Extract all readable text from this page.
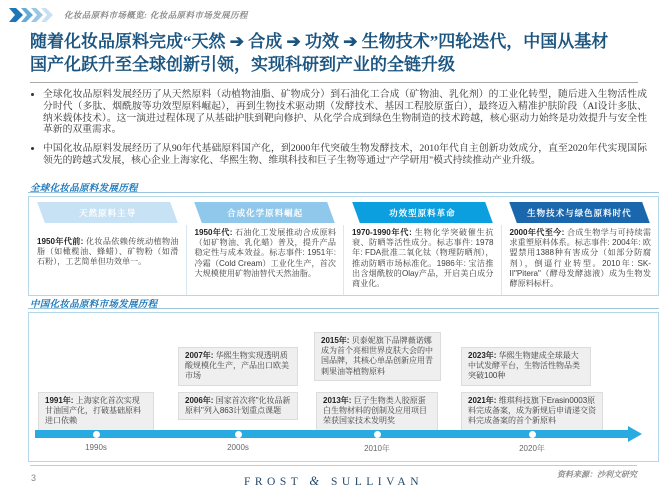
化妆品原料市场概览: 化妆品原料市场发展历程
随着化妆品原料完成“天然 ➔ 合成 ➔ 功效 ➔ 生物技术”四轮迭代，中国从基材
国产化跃升至全球创新引领，实现科研到产业的全链升级
• 全球化妆品原料发展经历了从天然原料（动植物油脂、矿物成分）到石油化工合成（矿物油、乳化剂）的工业化转型，随后进入生物活性成分时代（多肽、烟酰胺等功效型原料崛起），再到生物技术驱动期（发酵技术、基因工程胶原蛋白），最终迈入精准护肤阶段（AI设计多肽、纳米载体技术）。这一演进过程体现了从基础护肤到靶向修护、从化学合成到绿色生物制造的技术跨越，核心驱动力始终是功效提升与安全性革新的双重需求。
• 中国化妆品原料发展经历了从90年代基础原料国产化，到2000年代突破生物发酵技术，2010年代自主创新功效成分，直至2020年代实现国际领先的跨越式发展，核心企业上海家化、华熙生物、维琪科技和巨子生物等通过"产学研用"模式持续推动产业升级。
全球化妆品原料发展历程
天然原料主导	合成化学原料崛起	功效型原料革命	生物技术与绿色原料时代
1950年代前: 化妆品依赖传统动植物油脂（如橄榄油、蜂蜡）、矿物粉（如滑石粉），工艺简单但功效单一。
1950年代: 石油化工发展推动合成原料（如矿物油、乳化蜡）普及，提升产品稳定性与成本效益。标志事件: 1951年: 冷霜（Cold Cream）工业化生产，首次大规模使用矿物油替代天然油脂。
1970-1990年代: 生物化学突破催生抗衰、防晒等活性成分。标志事件: 1978年: FDA批准二氧化钛（物理防晒剂），推动防晒市场标准化。1986年: 宝洁推出含烟酰胺的Olay产品，开启美白成分商业化。
2000年代至今: 合成生物学与可持续需求重塑原料体系。标志事件: 2004年: 欧盟禁用1388种有害成分（如部分防腐剂），倒逼行业转型。2010年: SK-II"Pitera"（酵母发酵滤液）成为生物发酵原料标杆。
中国化妆品原料市场发展历程
2007年: 华熙生物实现透明质酸规模化生产，产品出口欧美市场
2015年: 贝泰妮旗下品牌薇诺娜成为首个亮相世界皮肤大会的中国品牌，其核心单品创新应用青刺果油等植物原料
2023年: 华熙生物建成全球最大中试发酵平台，生物活性物品类突破100种
1991年: 上海家化首次实现甘油国产化，打破基础原料进口依赖
2006年: 国家首次将"化妆品新原料"列入863计划重点课题
2013年: 巨子生物类人胶原蛋白生物材料的创制及应用项目荣获国家技术发明奖
2021年: 维琪科技旗下Erasin0003原料完成备案，成为新规后申请递交资料完成备案的首个新原料
1990s	2000s	2010年	2020年
3	FROST & SULLIVAN
资料来源：沙利文研究
